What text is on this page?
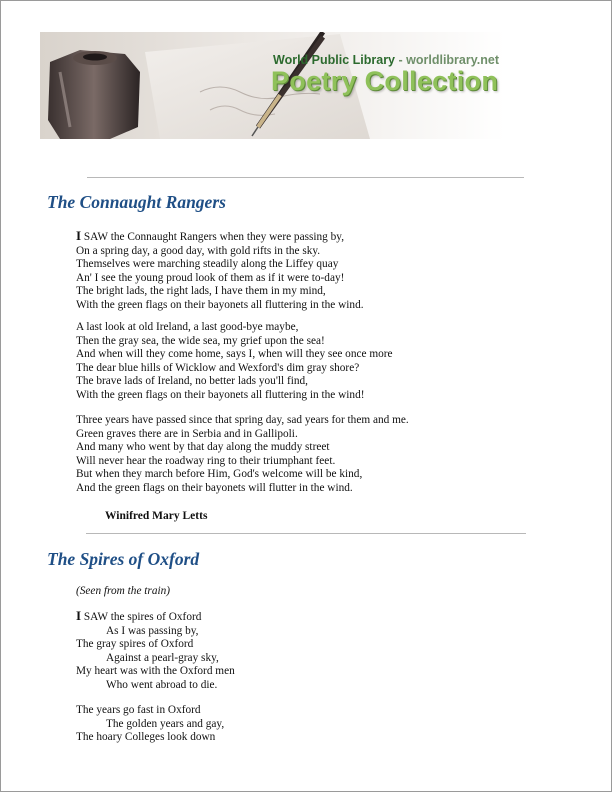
World Public Library - worldlibrary.net
Poetry Collection
The Connaught Rangers

I SAW the Connaught Rangers when they were passing by,
On a spring day, a good day, with gold rifts in the sky.
Themselves were marching steadily along the Liffey quay
An' I see the young proud look of them as if it were to-day!
The bright lads, the right lads, I have them in my mind,
With the green flags on their bayonets all fluttering in the wind.

A last look at old Ireland, a last good-bye maybe,
Then the gray sea, the wide sea, my grief upon the sea!
And when will they come home, says I, when will they see once more
The dear blue hills of Wicklow and Wexford's dim gray shore?
The brave lads of Ireland, no better lads you'll find,
With the green flags on their bayonets all fluttering in the wind!

Three years have passed since that spring day, sad years for them and me.
Green graves there are in Serbia and in Gallipoli.
And many who went by that day along the muddy street
Will never hear the roadway ring to their triumphant feet.
But when they march before Him, God's welcome will be kind,
And the green flags on their bayonets will flutter in the wind.

Winifred Mary Letts
The Spires of Oxford
(Seen from the train)

I SAW the spires of Oxford
As I was passing by,
The gray spires of Oxford
Against a pearl-gray sky,
My heart was with the Oxford men
Who went abroad to die.

The years go fast in Oxford
The golden years and gay,
The hoary Colleges look down
